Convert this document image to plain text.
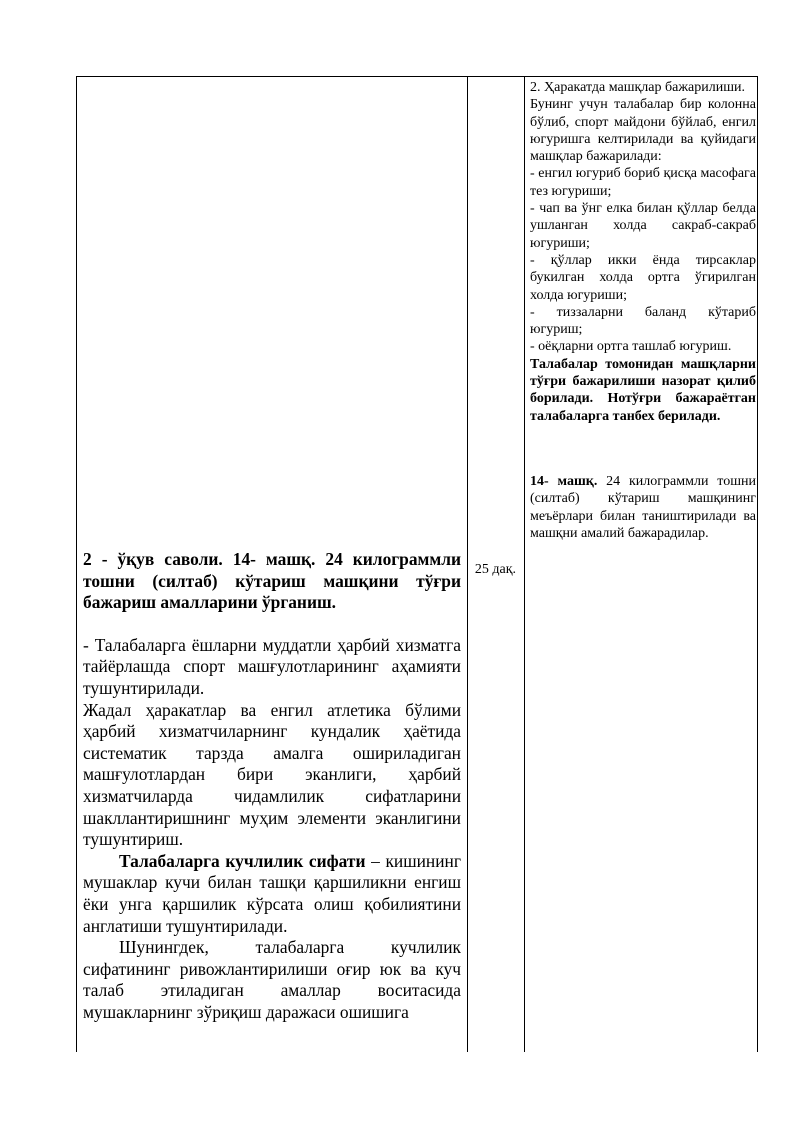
2. Ҳаракатда машқлар бажарилиши.

Бунинг учун талабалар бир колонна бўлиб, спорт майдони бўйлаб, енгил югуришга келтирилади ва қуйидаги машқлар бажарилади:

- енгил югуриб бориб қисқа масофага тез югуриши;

- чап ва ўнг елка билан қўллар белда ушланган холда сакраб-сакраб югуриши;

- қўллар икки ёнда тирсаклар букилган холда ортга ўгирилган холда югуриши;

- тиззаларни баланд кўтариб югуриш;

- оёқларни ортга ташлаб югуриш.

Талабалар томонидан машқларни тўғри бажарилиши назорат қилиб борилади. Нотўғри бажараётган талабаларга танбех берилади.

14- машқ. 24 килограммли тошни (силтаб) кўтариш машқининг меъёрлари билан таништирилади ва машқни амалий бажарадилар.

25 дақ.

2 - ўқув саволи. 14- машқ. 24 килограммли тошни (силтаб) кўтариш машқини тўғри бажариш амалларини ўрганиш.

- Талабаларга ёшларни муддатли ҳарбий хизматга тайёрлашда спорт машғулотларининг аҳамияти тушунтирилади.

Жадал ҳаракатлар ва енгил атлетика бўлими ҳарбий хизматчиларнинг кундалик ҳаётида систематик тарзда амалга ошириладиган машғулотлардан бири эканлиги, ҳарбий хизматчиларда чидамлилик сифатларини шакллантиришнинг муҳим элементи эканлигини тушунтириш.

Талабаларга кучлилик сифати – кишининг мушаклар кучи билан ташқи қаршиликни енгиш ёки унга қаршилик кўрсата олиш қобилиятини англатиши тушунтирилади.

Шунингдек, талабаларга кучлилик сифатининг ривожлантирилиши оғир юк ва куч талаб этиладиган амаллар воситасида мушакларнинг зўриқиш даражаси ошишига
